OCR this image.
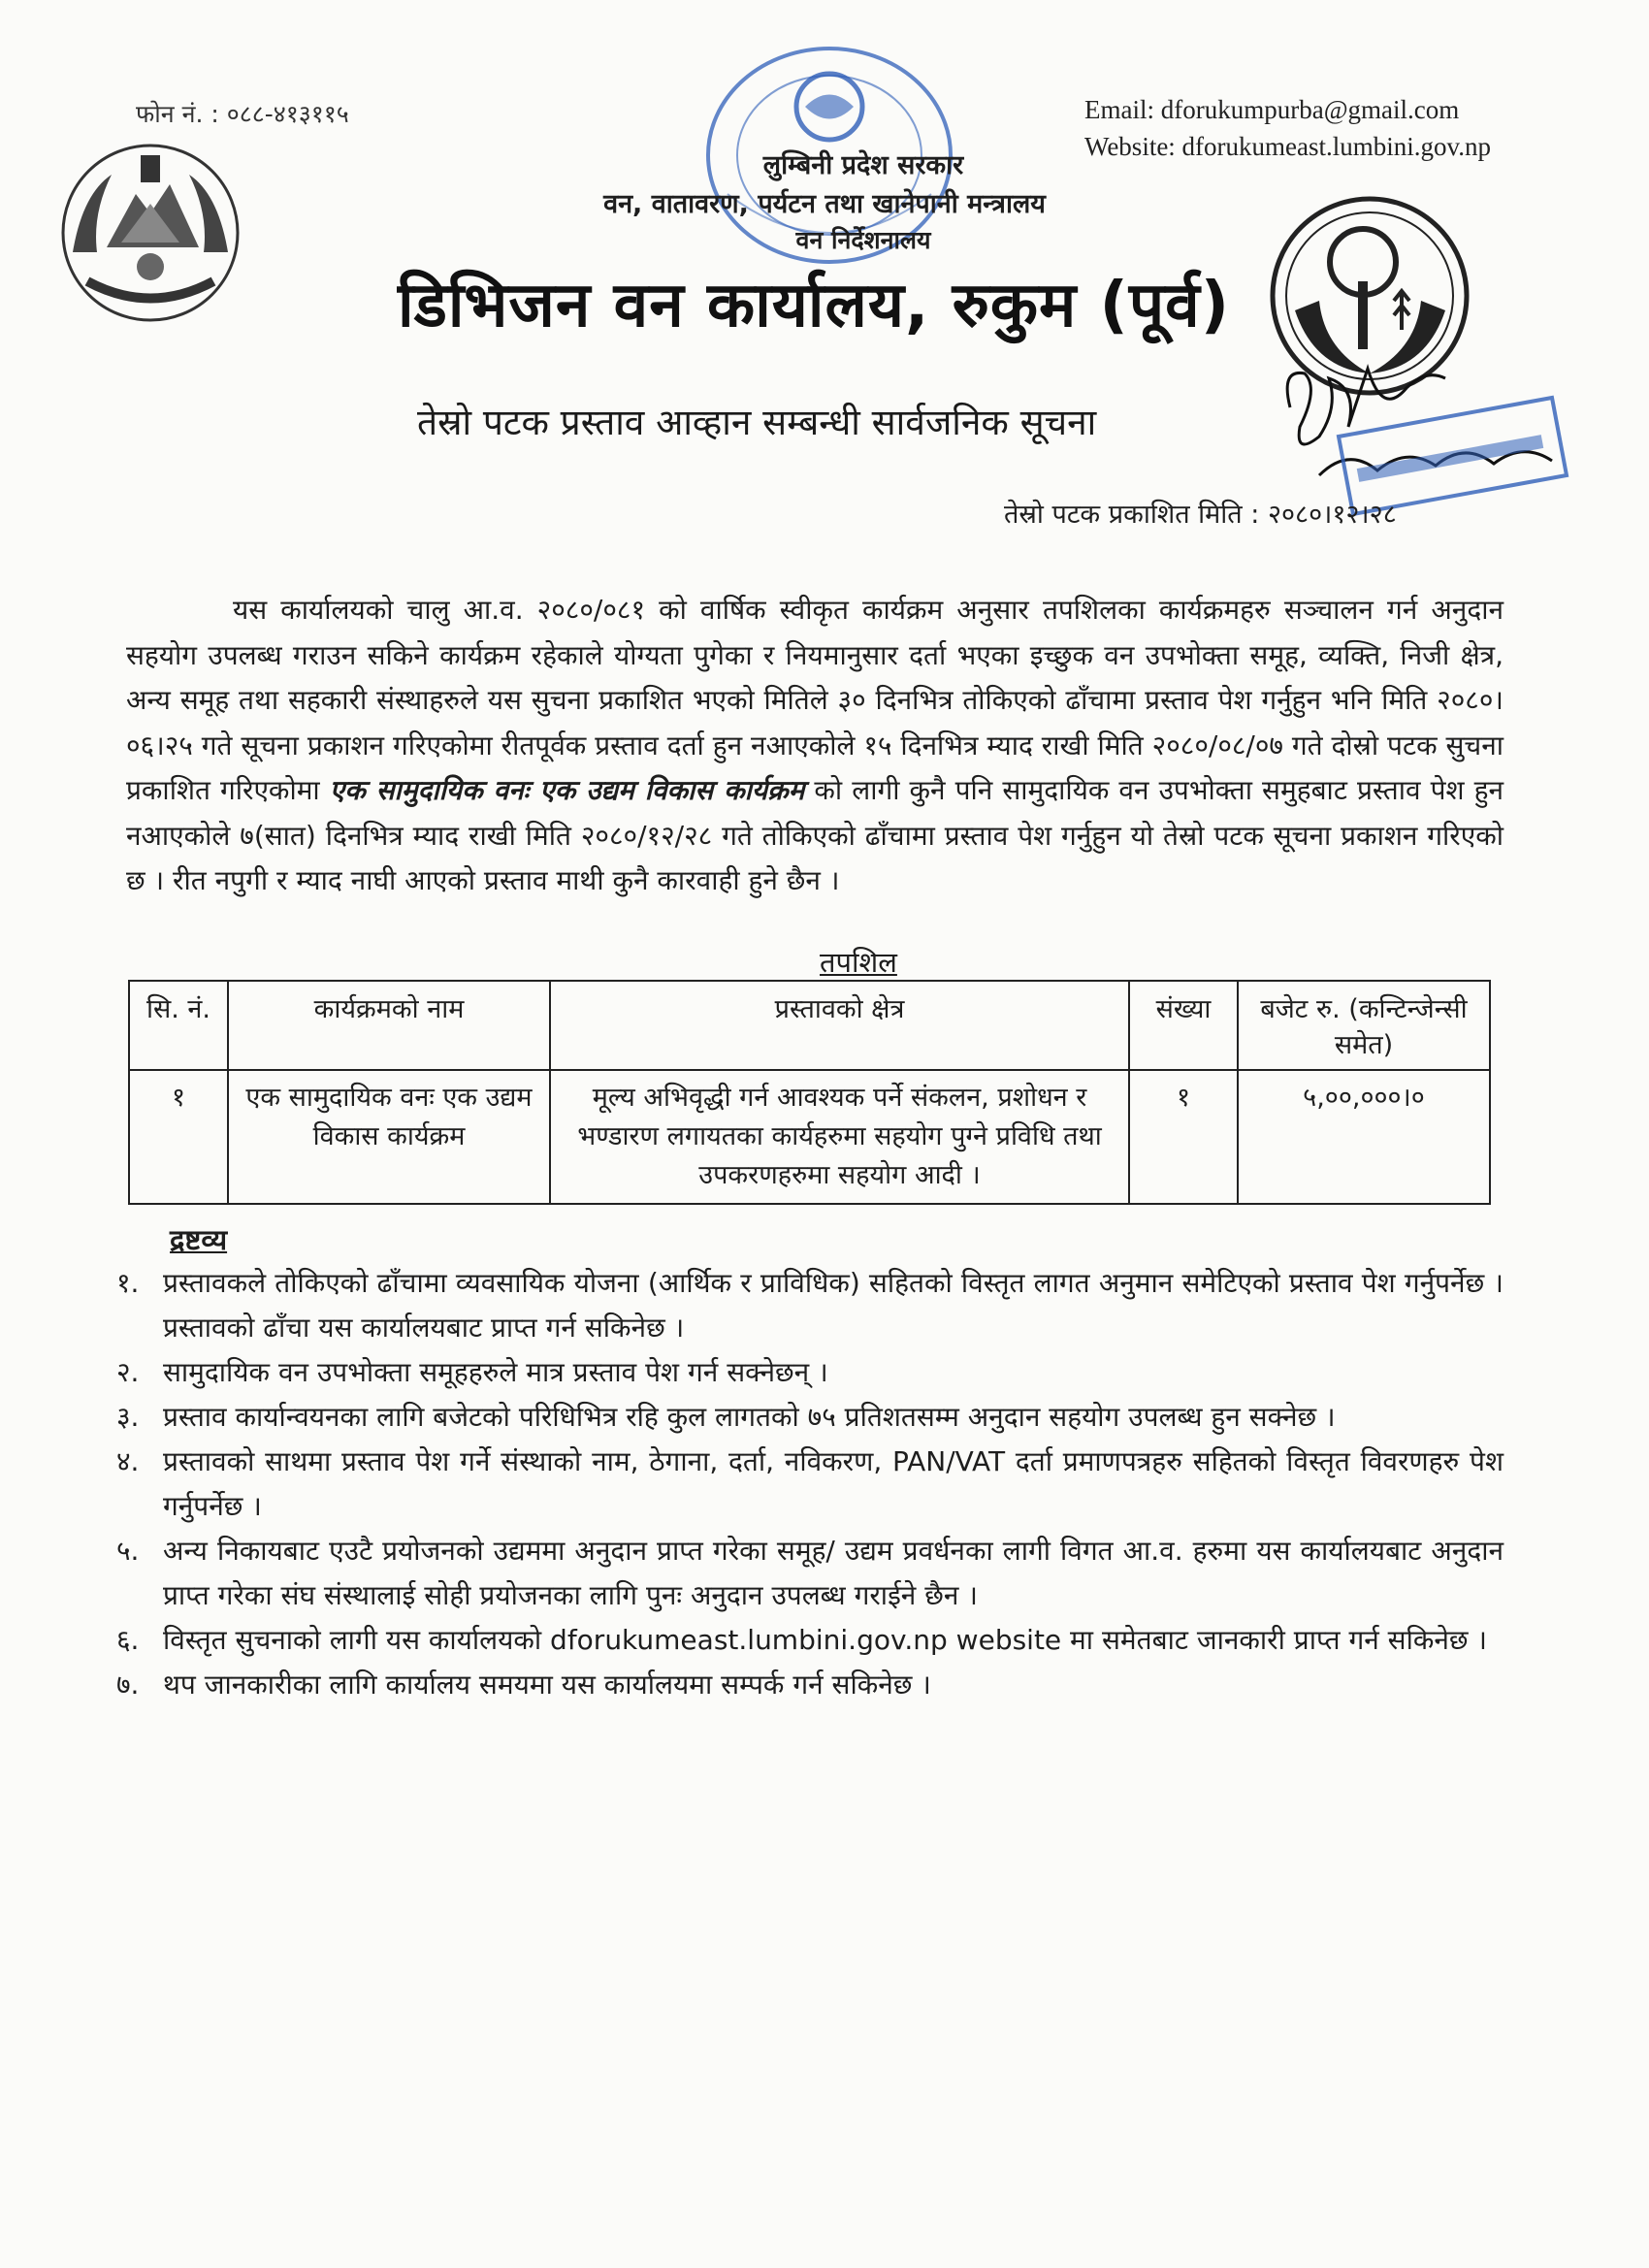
फोन नं. : ०८८-४१३११५	Email: dforukumpurba@gmail.com
Website: dforukumeast.lumbini.gov.np
लुम्बिनी प्रदेश सरकार
वन, वातावरण, पर्यटन तथा खानेपानी मन्त्रालय
वन निर्देशनालय
डिभिजन वन कार्यालय, रुकुम (पूर्व)
तेस्रो पटक प्रस्ताव आव्हान सम्बन्धी सार्वजनिक सूचना
तेस्रो पटक प्रकाशित मिति : २०८०।१२।२८

यस कार्यालयको चालु आ.व. २०८०/०८१ को वार्षिक स्वीकृत कार्यक्रम अनुसार तपशिलका कार्यक्रमहरु सञ्चालन गर्न अनुदान सहयोग उपलब्ध गराउन सकिने कार्यक्रम रहेकाले योग्यता पुगेका र नियमानुसार दर्ता भएका इच्छुक वन उपभोक्ता समूह, व्यक्ति, निजी क्षेत्र, अन्य समूह तथा सहकारी संस्थाहरुले यस सुचना प्रकाशित भएको मितिले ३० दिनभित्र तोकिएको ढाँचामा प्रस्ताव पेश गर्नुहुन भनि मिति २०८०।०६।२५ गते सूचना प्रकाशन गरिएकोमा रीतपूर्वक प्रस्ताव दर्ता हुन नआएकोले १५ दिनभित्र म्याद राखी मिति २०८०/०८/०७ गते दोस्रो पटक सुचना प्रकाशित गरिएकोमा एक सामुदायिक वनः एक उद्यम विकास कार्यक्रम को लागी कुनै पनि सामुदायिक वन उपभोक्ता समुहबाट प्रस्ताव पेश हुन नआएकोले ७(सात) दिनभित्र म्याद राखी मिति २०८०/१२/२८ गते तोकिएको ढाँचामा प्रस्ताव पेश गर्नुहुन यो तेस्रो पटक सूचना प्रकाशन गरिएको छ । रीत नपुगी र म्याद नाघी आएको प्रस्ताव माथी कुनै कारवाही हुने छैन ।

तपशिल
सि. नं.	कार्यक्रमको नाम	प्रस्तावको क्षेत्र	संख्या	बजेट रु. (कन्टिन्जेन्सी समेत)
१	एक सामुदायिक वनः एक उद्यम विकास कार्यक्रम	मूल्य अभिवृद्धी गर्न आवश्यक पर्ने संकलन, प्रशोधन र भण्डारण लगायतका कार्यहरुमा सहयोग पुग्ने प्रविधि तथा उपकरणहरुमा सहयोग आदी ।	१	५,००,०००।०
द्रष्टव्य
१. प्रस्तावकले तोकिएको ढाँचामा व्यवसायिक योजना (आर्थिक र प्राविधिक) सहितको विस्तृत लागत अनुमान समेटिएको प्रस्ताव पेश गर्नुपर्नेछ । प्रस्तावको ढाँचा यस कार्यालयबाट प्राप्त गर्न सकिनेछ ।
२. सामुदायिक वन उपभोक्ता समूहहरुले मात्र प्रस्ताव पेश गर्न सक्नेछन् ।
३. प्रस्ताव कार्यान्वयनका लागि बजेटको परिधिभित्र रहि कुल लागतको ७५ प्रतिशतसम्म अनुदान सहयोग उपलब्ध हुन सक्नेछ ।
४. प्रस्तावको साथमा प्रस्ताव पेश गर्ने संस्थाको नाम, ठेगाना, दर्ता, नविकरण, PAN/VAT दर्ता प्रमाणपत्रहरु सहितको विस्तृत विवरणहरु पेश गर्नुपर्नेछ ।
५. अन्य निकायबाट एउटै प्रयोजनको उद्यममा अनुदान प्राप्त गरेका समूह/ उद्यम प्रवर्धनका लागी विगत आ.व. हरुमा यस कार्यालयबाट अनुदान प्राप्त गरेका संघ संस्थालाई सोही प्रयोजनका लागि पुनः अनुदान उपलब्ध गराईने छैन ।
६. विस्तृत सुचनाको लागी यस कार्यालयको dforukumeast.lumbini.gov.np website मा समेतबाट जानकारी प्राप्त गर्न सकिनेछ ।
७. थप जानकारीका लागि कार्यालय समयमा यस कार्यालयमा सम्पर्क गर्न सकिनेछ ।
